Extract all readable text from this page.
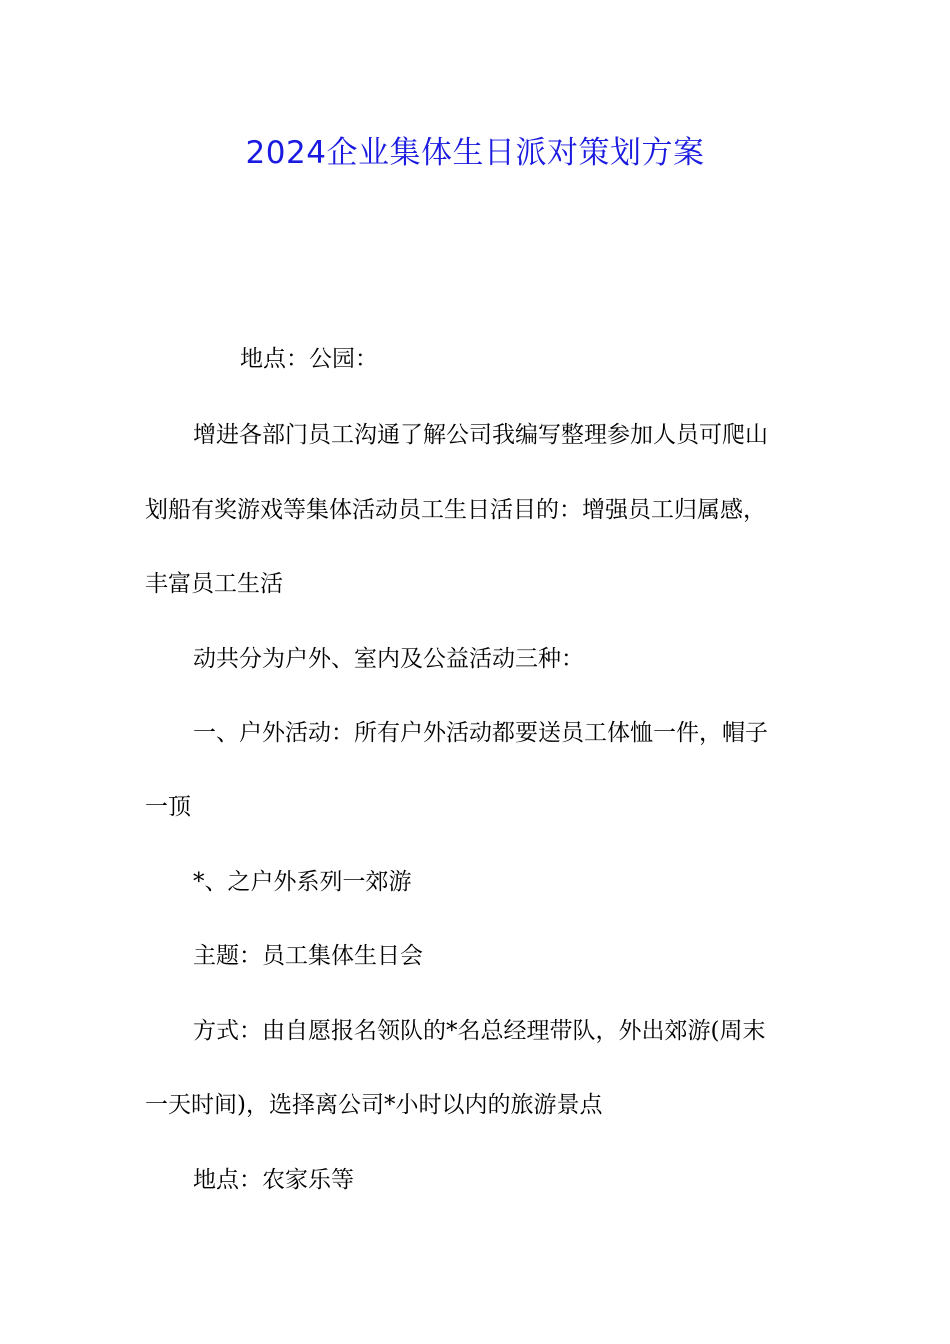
2024企业集体生日派对策划方案
地点：公园：
增进各部门员工沟通了解公司我编写整理参加人员可爬山
划船有奖游戏等集体活动员工生日活目的：增强员工归属感，
丰富员工生活
动共分为户外、室内及公益活动三种：
一、户外活动：所有户外活动都要送员工体恤一件，帽子
一顶
*、之户外系列一郊游
主题：员工集体生日会
方式：由自愿报名领队的*名总经理带队，外出郊游(周末
一天时间)，选择离公司*小时以内的旅游景点
地点：农家乐等
